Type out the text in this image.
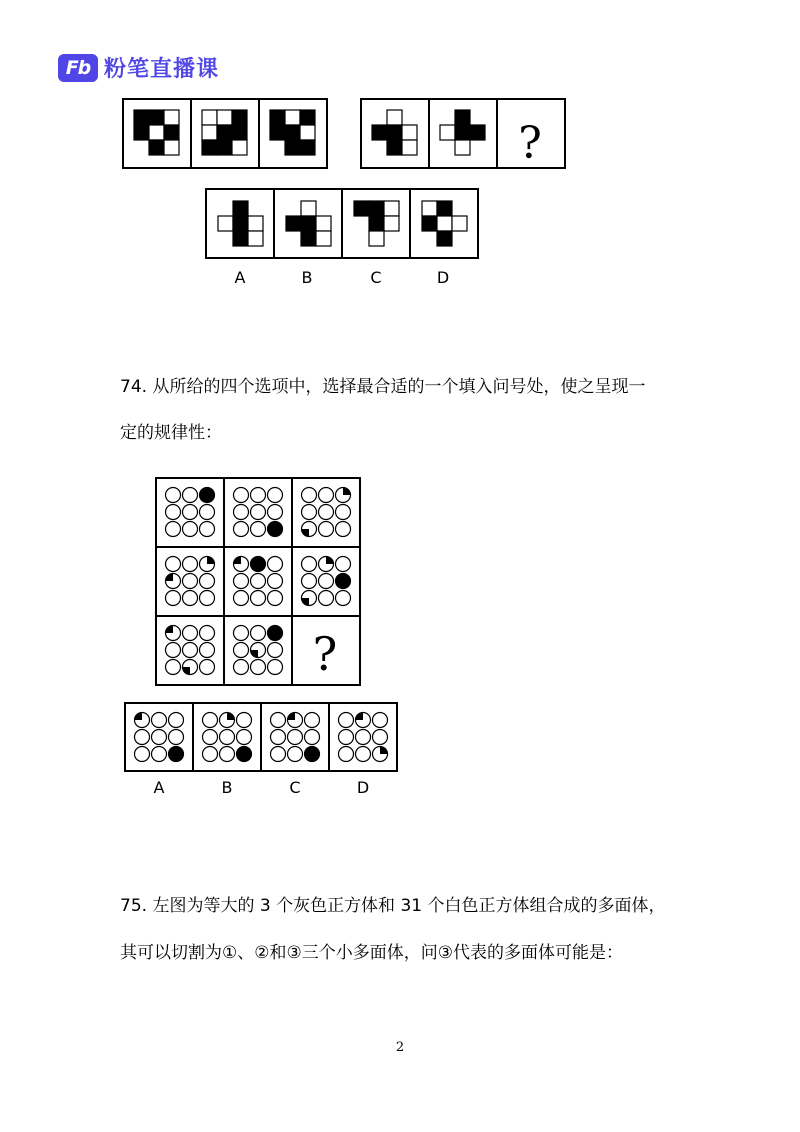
Fb 粉笔直播课
A	B	C	D
A	B	C	D
?
?
74. 从所给的四个选项中，选择最合适的一个填入问号处，使之呈现一
定的规律性：
75. 左图为等大的 3 个灰色正方体和 31 个白色正方体组合成的多面体，
其可以切割为①、②和③三个小多面体，问③代表的多面体可能是：
2
